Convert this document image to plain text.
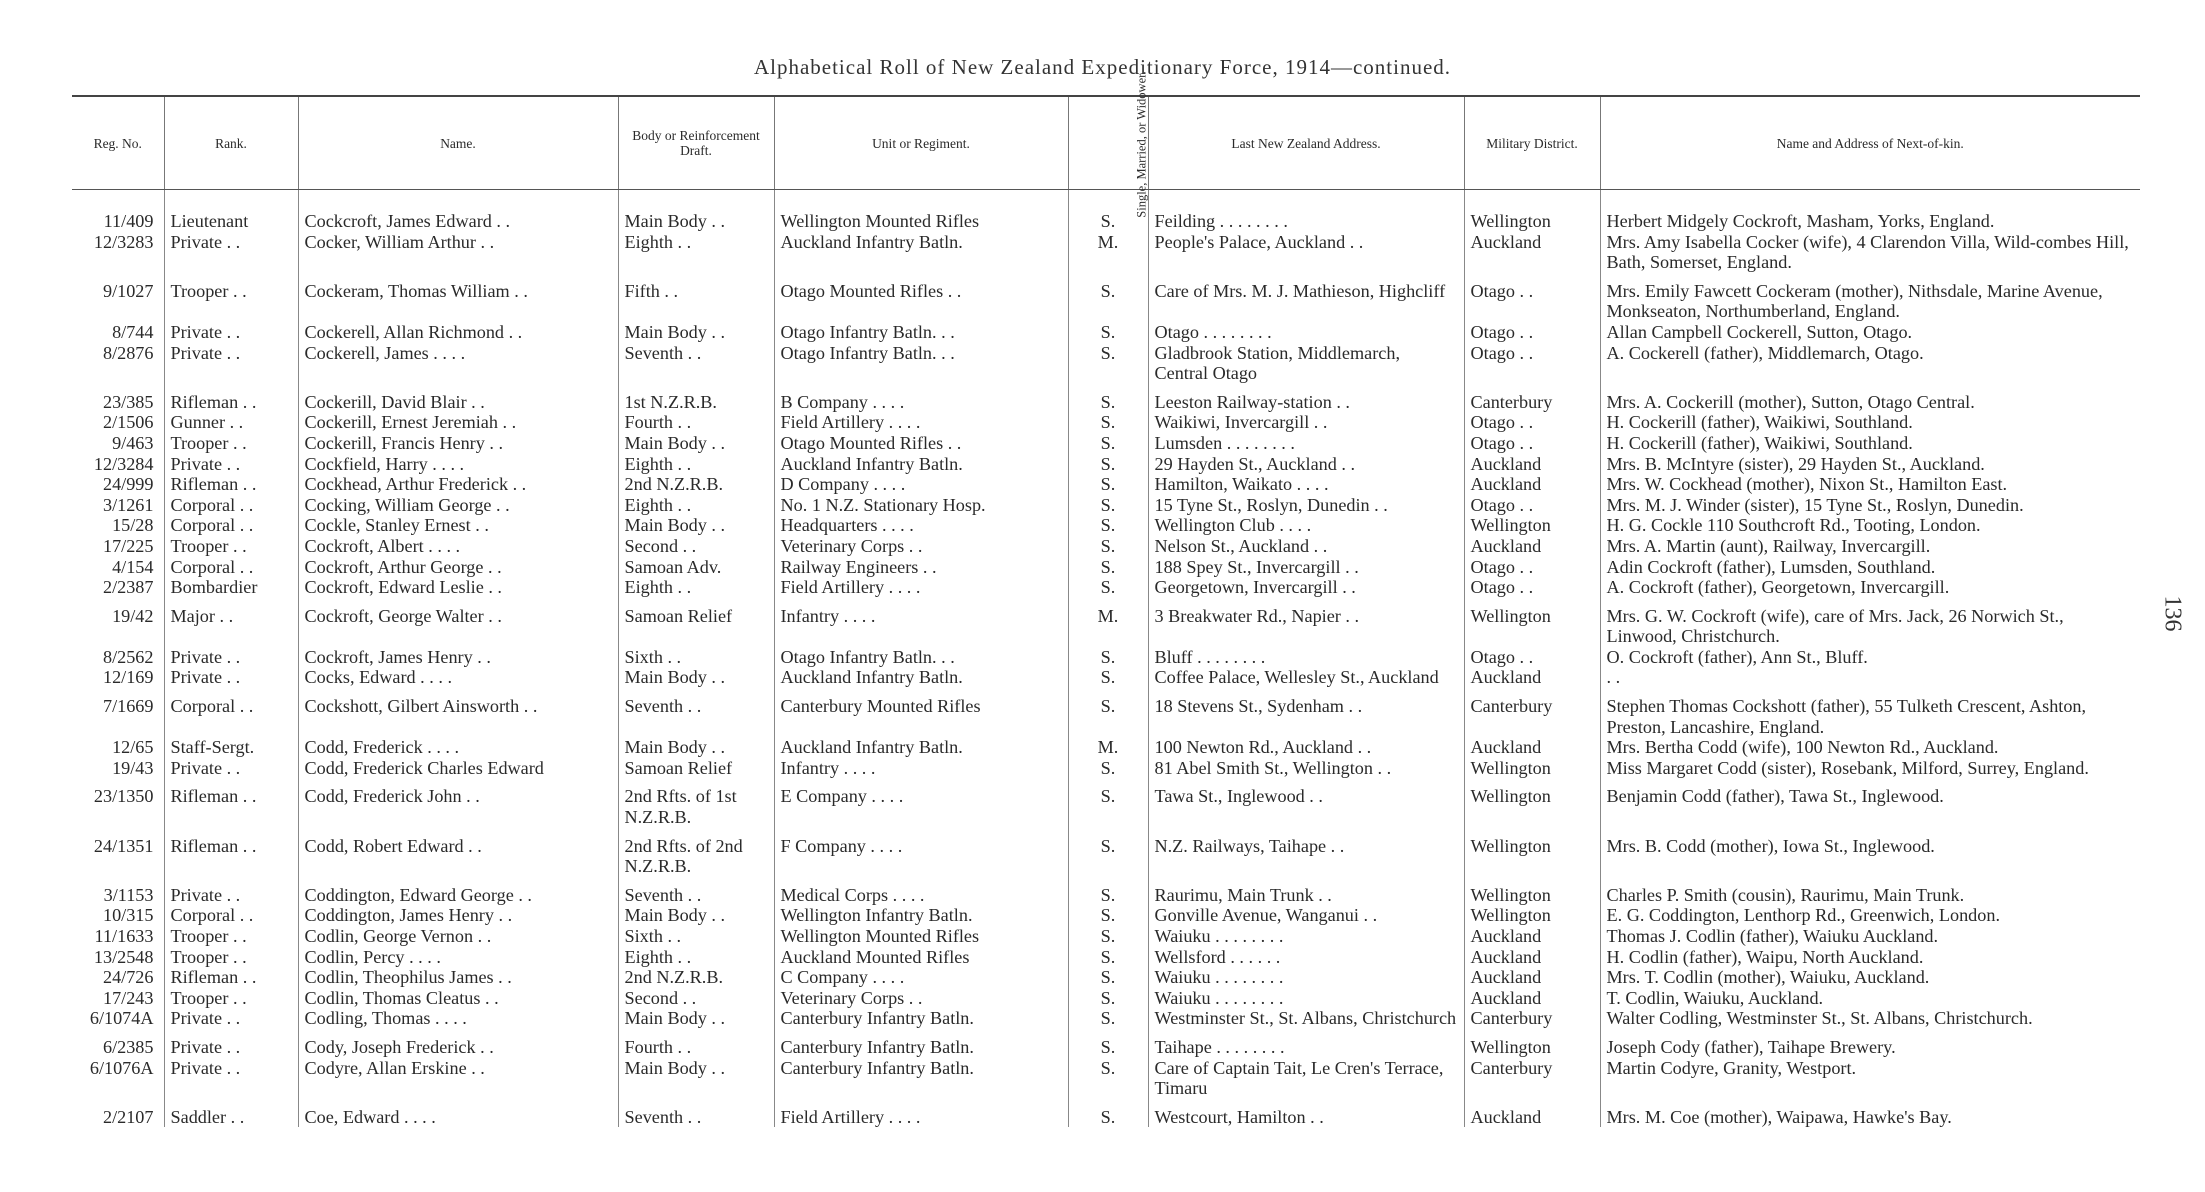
Alphabetical Roll of New Zealand Expeditionary Force, 1914—continued.
136
Reg. No.	Rank.	Name.	Body or Reinforcement Draft.	Unit or Regiment.	Single, Married, or Widower.	Last New Zealand Address.	Military District.	Name and Address of Next-of-kin.

11/409	Lieutenant	Cockcroft, James Edward . .	Main Body . .	Wellington Mounted Rifles	S.	Feilding . . . . . . . .	Wellington	Herbert Midgely Cockroft, Masham, Yorks, England.
12/3283	Private . .	Cocker, William Arthur . .	Eighth . .	Auckland Infantry Batln.	M.	People's Palace, Auckland . .	Auckland	Mrs. Amy Isabella Cocker (wife), 4 Clarendon Villa, Wild-combes Hill, Bath, Somerset, England.
9/1027	Trooper . .	Cockeram, Thomas William . .	Fifth . .	Otago Mounted Rifles . .	S.	Care of Mrs. M. J. Mathieson, Highcliff	Otago . .	Mrs. Emily Fawcett Cockeram (mother), Nithsdale, Marine Avenue, Monkseaton, Northumberland, England.
8/744	Private . .	Cockerell, Allan Richmond . .	Main Body . .	Otago Infantry Batln. . .	S.	Otago . . . . . . . .	Otago . .	Allan Campbell Cockerell, Sutton, Otago.
8/2876	Private . .	Cockerell, James . . . .	Seventh . .	Otago Infantry Batln. . .	S.	Gladbrook Station, Middlemarch, Central Otago	Otago . .	A. Cockerell (father), Middlemarch, Otago.
23/385	Rifleman . .	Cockerill, David Blair . .	1st N.Z.R.B.	B Company . . . .	S.	Leeston Railway-station . .	Canterbury	Mrs. A. Cockerill (mother), Sutton, Otago Central.
2/1506	Gunner . .	Cockerill, Ernest Jeremiah . .	Fourth . .	Field Artillery . . . .	S.	Waikiwi, Invercargill . .	Otago . .	H. Cockerill (father), Waikiwi, Southland.
9/463	Trooper . .	Cockerill, Francis Henry . .	Main Body . .	Otago Mounted Rifles . .	S.	Lumsden . . . . . . . .	Otago . .	H. Cockerill (father), Waikiwi, Southland.
12/3284	Private . .	Cockfield, Harry . . . .	Eighth . .	Auckland Infantry Batln.	S.	29 Hayden St., Auckland . .	Auckland	Mrs. B. McIntyre (sister), 29 Hayden St., Auckland.
24/999	Rifleman . .	Cockhead, Arthur Frederick . .	2nd N.Z.R.B.	D Company . . . .	S.	Hamilton, Waikato . . . .	Auckland	Mrs. W. Cockhead (mother), Nixon St., Hamilton East.
3/1261	Corporal . .	Cocking, William George . .	Eighth . .	No. 1 N.Z. Stationary Hosp.	S.	15 Tyne St., Roslyn, Dunedin . .	Otago . .	Mrs. M. J. Winder (sister), 15 Tyne St., Roslyn, Dunedin.
15/28	Corporal . .	Cockle, Stanley Ernest . .	Main Body . .	Headquarters . . . .	S.	Wellington Club . . . .	Wellington	H. G. Cockle 110 Southcroft Rd., Tooting, London.
17/225	Trooper . .	Cockroft, Albert . . . .	Second . .	Veterinary Corps . .	S.	Nelson St., Auckland . .	Auckland	Mrs. A. Martin (aunt), Railway, Invercargill.
4/154	Corporal . .	Cockroft, Arthur George . .	Samoan Adv.	Railway Engineers . .	S.	188 Spey St., Invercargill . .	Otago . .	Adin Cockroft (father), Lumsden, Southland.
2/2387	Bombardier	Cockroft, Edward Leslie . .	Eighth . .	Field Artillery . . . .	S.	Georgetown, Invercargill . .	Otago . .	A. Cockroft (father), Georgetown, Invercargill.
19/42	Major . .	Cockroft, George Walter . .	Samoan Relief	Infantry . . . .	M.	3 Breakwater Rd., Napier . .	Wellington	Mrs. G. W. Cockroft (wife), care of Mrs. Jack, 26 Norwich St., Linwood, Christchurch.
8/2562	Private . .	Cockroft, James Henry . .	Sixth . .	Otago Infantry Batln. . .	S.	Bluff . . . . . . . .	Otago . .	O. Cockroft (father), Ann St., Bluff.
12/169	Private . .	Cocks, Edward . . . .	Main Body . .	Auckland Infantry Batln.	S.	Coffee Palace, Wellesley St., Auckland	Auckland	. .
7/1669	Corporal . .	Cockshott, Gilbert Ainsworth . .	Seventh . .	Canterbury Mounted Rifles	S.	18 Stevens St., Sydenham . .	Canterbury	Stephen Thomas Cockshott (father), 55 Tulketh Crescent, Ashton, Preston, Lancashire, England.
12/65	Staff-Sergt.	Codd, Frederick . . . .	Main Body . .	Auckland Infantry Batln.	M.	100 Newton Rd., Auckland . .	Auckland	Mrs. Bertha Codd (wife), 100 Newton Rd., Auckland.
19/43	Private . .	Codd, Frederick Charles Edward	Samoan Relief	Infantry . . . .	S.	81 Abel Smith St., Wellington . .	Wellington	Miss Margaret Codd (sister), Rosebank, Milford, Surrey, England.
23/1350	Rifleman . .	Codd, Frederick John . .	2nd Rfts. of 1st N.Z.R.B.	E Company . . . .	S.	Tawa St., Inglewood . .	Wellington	Benjamin Codd (father), Tawa St., Inglewood.
24/1351	Rifleman . .	Codd, Robert Edward . .	2nd Rfts. of 2nd N.Z.R.B.	F Company . . . .	S.	N.Z. Railways, Taihape . .	Wellington	Mrs. B. Codd (mother), Iowa St., Inglewood.
3/1153	Private . .	Coddington, Edward George . .	Seventh . .	Medical Corps . . . .	S.	Raurimu, Main Trunk . .	Wellington	Charles P. Smith (cousin), Raurimu, Main Trunk.
10/315	Corporal . .	Coddington, James Henry . .	Main Body . .	Wellington Infantry Batln.	S.	Gonville Avenue, Wanganui . .	Wellington	E. G. Coddington, Lenthorp Rd., Greenwich, London.
11/1633	Trooper . .	Codlin, George Vernon . .	Sixth . .	Wellington Mounted Rifles	S.	Waiuku . . . . . . . .	Auckland	Thomas J. Codlin (father), Waiuku Auckland.
13/2548	Trooper . .	Codlin, Percy . . . .	Eighth . .	Auckland Mounted Rifles	S.	Wellsford . . . . . .	Auckland	H. Codlin (father), Waipu, North Auckland.
24/726	Rifleman . .	Codlin, Theophilus James . .	2nd N.Z.R.B.	C Company . . . .	S.	Waiuku . . . . . . . .	Auckland	Mrs. T. Codlin (mother), Waiuku, Auckland.
17/243	Trooper . .	Codlin, Thomas Cleatus . .	Second . .	Veterinary Corps . .	S.	Waiuku . . . . . . . .	Auckland	T. Codlin, Waiuku, Auckland.
6/1074A	Private . .	Codling, Thomas . . . .	Main Body . .	Canterbury Infantry Batln.	S.	Westminster St., St. Albans, Christchurch	Canterbury	Walter Codling, Westminster St., St. Albans, Christchurch.
6/2385	Private . .	Cody, Joseph Frederick . .	Fourth . .	Canterbury Infantry Batln.	S.	Taihape . . . . . . . .	Wellington	Joseph Cody (father), Taihape Brewery.
6/1076A	Private . .	Codyre, Allan Erskine . .	Main Body . .	Canterbury Infantry Batln.	S.	Care of Captain Tait, Le Cren's Terrace, Timaru	Canterbury	Martin Codyre, Granity, Westport.
2/2107	Saddler . .	Coe, Edward . . . .	Seventh . .	Field Artillery . . . .	S.	Westcourt, Hamilton . .	Auckland	Mrs. M. Coe (mother), Waipawa, Hawke's Bay.
